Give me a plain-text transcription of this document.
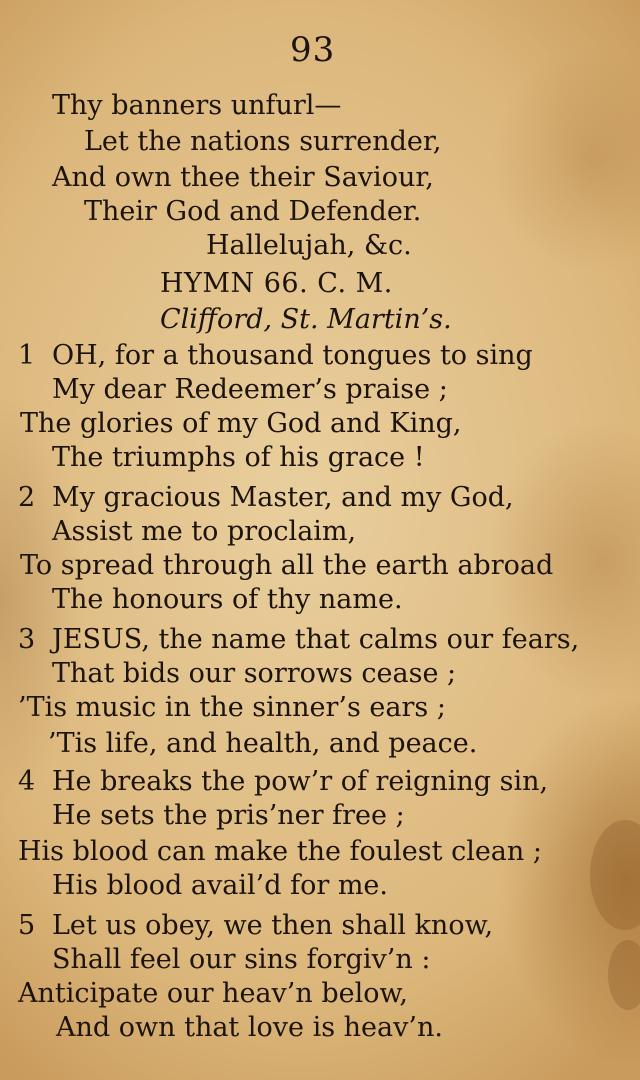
93
Thy banners unfurl—
Let the nations surrender,
And own thee their Saviour,
Their God and Defender.
Hallelujah, &c.
HYMN 66. C. M.
Clifford, St. Martin’s.
1 OH, for a thousand tongues to sing
My dear Redeemer’s praise ;
The glories of my God and King,
The triumphs of his grace !
2 My gracious Master, and my God,
Assist me to proclaim,
To spread through all the earth abroad
The honours of thy name.
3 JESUS, the name that calms our fears,
That bids our sorrows cease ;
’Tis music in the sinner’s ears ;
’Tis life, and health, and peace.
4 He breaks the pow’r of reigning sin,
He sets the pris’ner free ;
His blood can make the foulest clean ;
His blood avail’d for me.
5 Let us obey, we then shall know,
Shall feel our sins forgiv’n :
Anticipate our heav’n below,
And own that love is heav’n.
